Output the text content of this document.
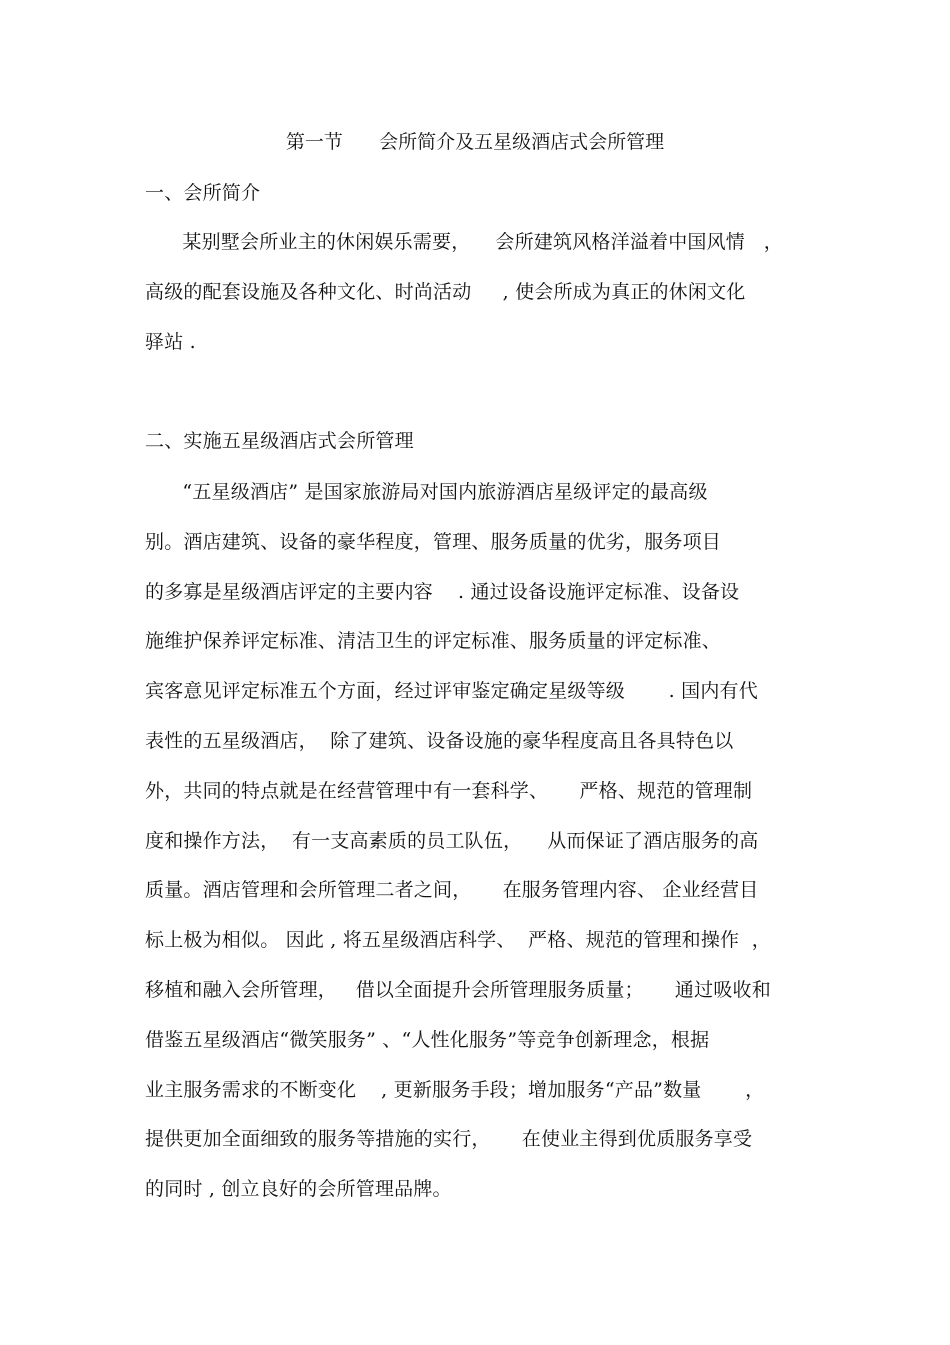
第一节      会所简介及五星级酒店式会所管理
一、会所简介
某别墅会所业主的休闲娱乐需要，    会所建筑风格洋溢着中国风情   ，
高级的配套设施及各种文化、时尚活动     , 使会所成为真正的休闲文化
驿站 .
二、实施五星级酒店式会所管理
“五星级酒店” 是国家旅游局对国内旅游酒店星级评定的最高级
别。酒店建筑、设备的豪华程度，管理、服务质量的优劣，服务项目
的多寡是星级酒店评定的主要内容    . 通过设备设施评定标准、设备设
施维护保养评定标准、清洁卫生的评定标准、服务质量的评定标准、
宾客意见评定标准五个方面，经过评审鉴定确定星级等级       . 国内有代
表性的五星级酒店，  除了建筑、设备设施的豪华程度高且各具特色以
外，共同的特点就是在经营管理中有一套科学、     严格、规范的管理制
度和操作方法，  有一支高素质的员工队伍，    从而保证了酒店服务的高
质量。酒店管理和会所管理二者之间，     在服务管理内容、 企业经营目
标上极为相似。 因此 , 将五星级酒店科学、  严格、规范的管理和操作  ，
移植和融入会所管理，   借以全面提升会所管理服务质量；     通过吸收和
借鉴五星级酒店“微笑服务” 、“人性化服务”等竞争创新理念，根据
业主服务需求的不断变化    , 更新服务手段；增加服务“产品”数量       ，
提供更加全面细致的服务等措施的实行，     在使业主得到优质服务享受
的同时 , 创立良好的会所管理品牌。
